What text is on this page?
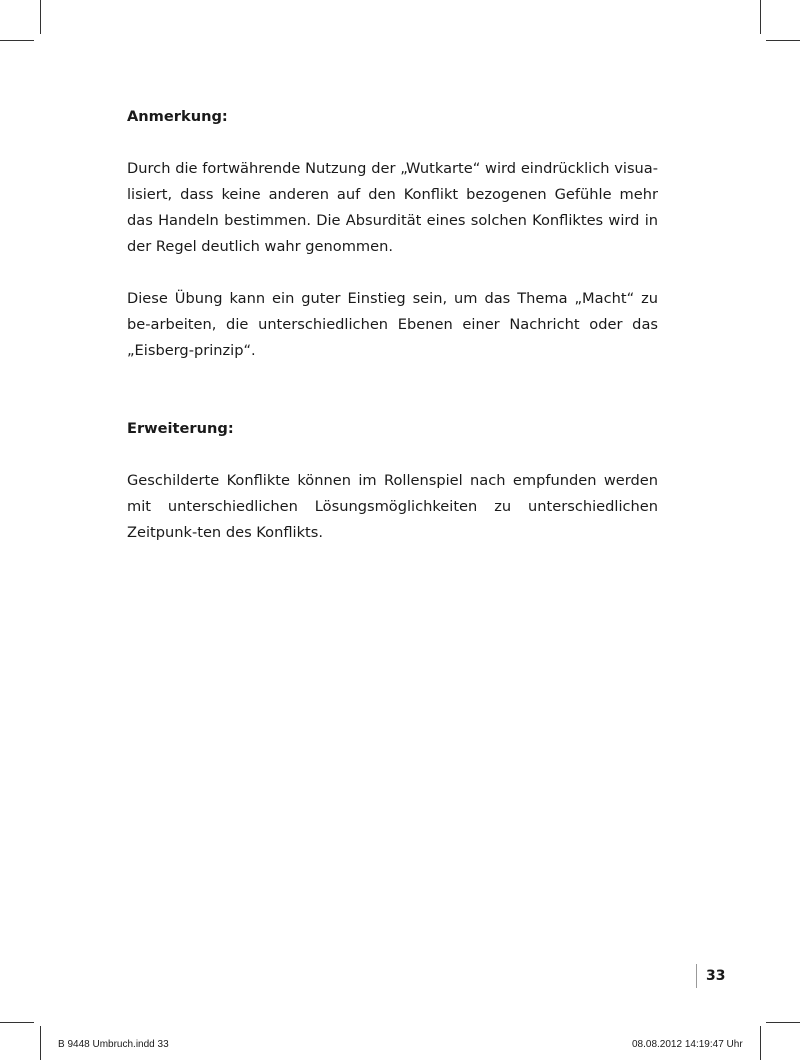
Anmerkung:

Durch die fortwährende Nutzung der „Wutkarte“ wird eindrücklich visua-lisiert, dass keine anderen auf den Konflikt bezogenen Gefühle mehr das Handeln bestimmen. Die Absurdität eines solchen Konfliktes wird in der Regel deutlich wahr genommen.

Diese Übung kann ein guter Einstieg sein, um das Thema „Macht“ zu be-arbeiten, die unterschiedlichen Ebenen einer Nachricht oder das „Eisberg-prinzip“.

Erweiterung:

Geschilderte Konflikte können im Rollenspiel nach empfunden werden mit unterschiedlichen Lösungsmöglichkeiten zu unterschiedlichen Zeitpunk-ten des Konflikts.

33
B 9448 Umbruch.indd 33	08.08.2012 14:19:47 Uhr
